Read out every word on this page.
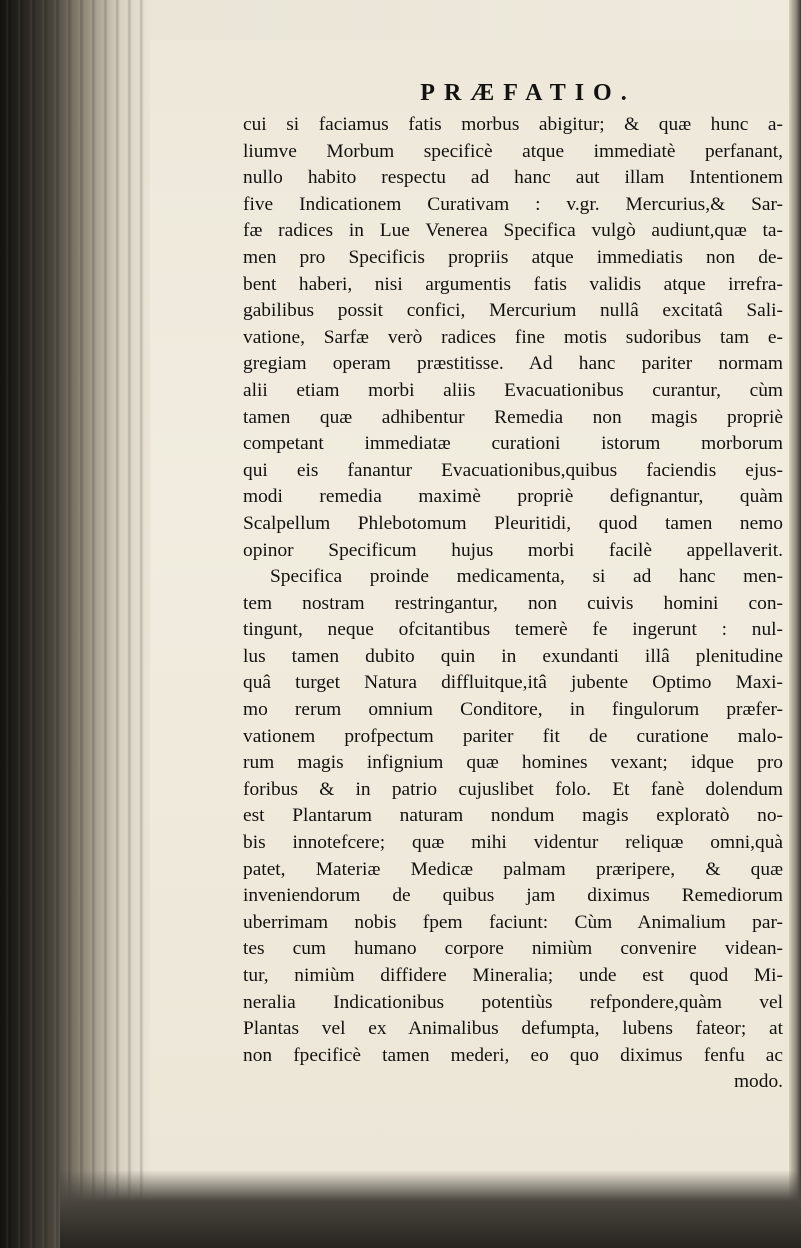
PRÆFATIO.
cui si faciamus fatis morbus abigitur; & quæ hunc a-
liumve Morbum specificè atque immediatè perfanant,
nullo habito respectu ad hanc aut illam Intentionem
five Indicationem Curativam : v.gr. Mercurius,& Sar-
fæ radices in Lue Venerea Specifica vulgò audiunt,quæ ta-
men pro Specificis propriis atque immediatis non de-
bent haberi, nisi argumentis fatis validis atque irrefra-
gabilibus possit confici, Mercurium nullâ excitatâ Sali-
vatione, Sarfæ verò radices fine motis sudoribus tam e-
gregiam operam præstitisse. Ad hanc pariter normam
alii etiam morbi aliis Evacuationibus curantur, cùm
tamen quæ adhibentur Remedia non magis propriè
competant immediatæ curationi istorum morborum
qui eis fanantur Evacuationibus,quibus faciendis ejus-
modi remedia maximè propriè defignantur, quàm
Scalpellum Phlebotomum Pleuritidi, quod tamen nemo
opinor Specificum hujus morbi facilè appellaverit.
Specifica proinde medicamenta, si ad hanc men-
tem nostram restringantur, non cuivis homini con-
tingunt, neque ofcitantibus temerè fe ingerunt : nul-
lus tamen dubito quin in exundanti illâ plenitudine
quâ turget Natura diffluitque,itâ jubente Optimo Maxi-
mo rerum omnium Conditore, in fingulorum præfer-
vationem profpectum pariter fit de curatione malo-
rum magis infignium quæ homines vexant; idque pro
foribus & in patrio cujuslibet folo. Et fanè dolendum
est Plantarum naturam nondum magis exploratò no-
bis innotefcere; quæ mihi videntur reliquæ omni,quà
patet, Materiæ Medicæ palmam præripere, & quæ
inveniendorum de quibus jam diximus Remediorum
uberrimam nobis fpem faciunt: Cùm Animalium par-
tes cum humano corpore nimiùm convenire videan-
tur, nimiùm diffidere Mineralia; unde est quod Mi-
neralia Indicationibus potentiùs refpondere,quàm vel
Plantas vel ex Animalibus defumpta, lubens fateor; at
non fpecificè tamen mederi, eo quo diximus fenfu ac
modo.
